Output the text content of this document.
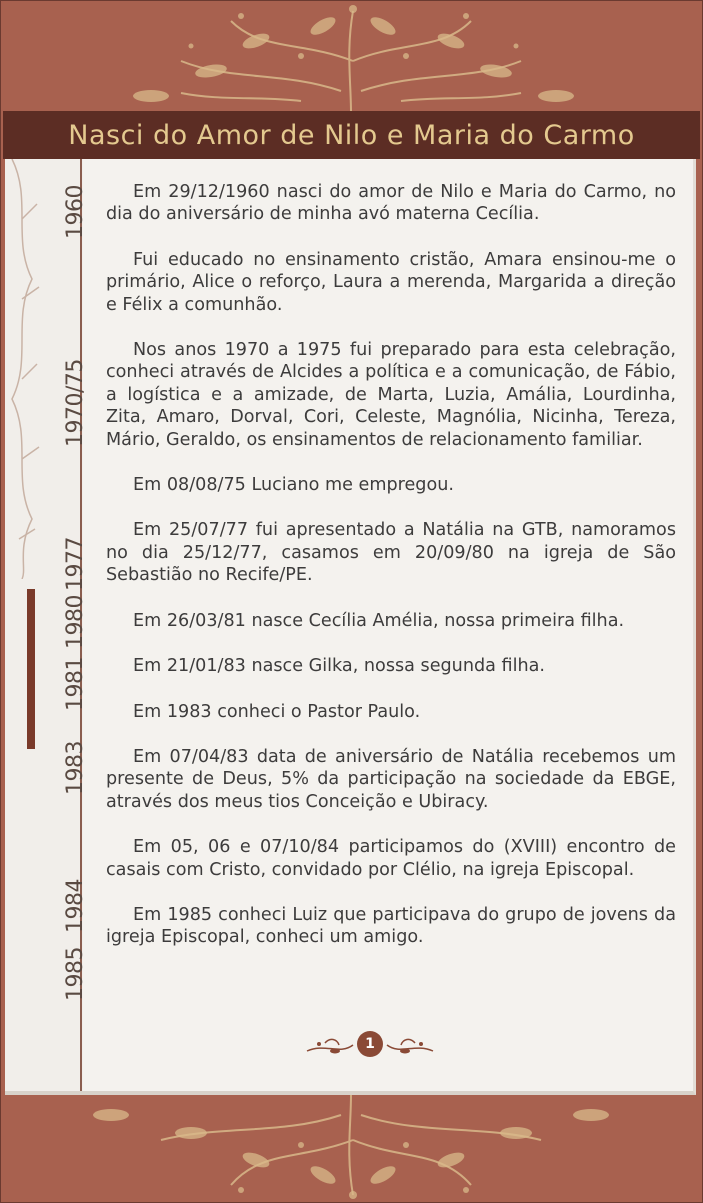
Nasci do Amor de Nilo e Maria do Carmo
1960
1970/75
1977
1980
1981
1983
1984
1985

Em 29/12/1960 nasci do amor de Nilo e Maria do Carmo, no dia do aniversário de minha avó materna Cecília.

Fui educado no ensinamento cristão, Amara ensinou-me o primário, Alice o reforço, Laura a merenda, Margarida a direção e Félix a comunhão.

Nos anos 1970 a 1975 fui preparado para esta celebração, conheci através de Alcides a política e a comunicação, de Fábio, a logística e a amizade, de Marta, Luzia, Amália, Lourdinha, Zita, Amaro, Dorval, Cori, Celeste, Magnólia, Nicinha, Tereza, Mário, Geraldo, os ensinamentos de relacionamento familiar.

Em 08/08/75 Luciano me empregou.

Em 25/07/77 fui apresentado a Natália na GTB, namoramos no dia 25/12/77, casamos em 20/09/80 na igreja de São Sebastião no Recife/PE.

Em 26/03/81 nasce Cecília Amélia, nossa primeira filha.

Em 21/01/83 nasce Gilka, nossa segunda filha.

Em 1983 conheci o Pastor Paulo.

Em 07/04/83 data de aniversário de Natália recebemos um presente de Deus, 5% da participação na sociedade da EBGE, através dos meus tios Conceição e Ubiracy.

Em 05, 06 e 07/10/84 participamos do (XVIII) encontro de casais com Cristo, convidado por Clélio, na igreja Episcopal.

Em 1985 conheci Luiz que participava do grupo de jovens da igreja Episcopal, conheci um amigo.

1
